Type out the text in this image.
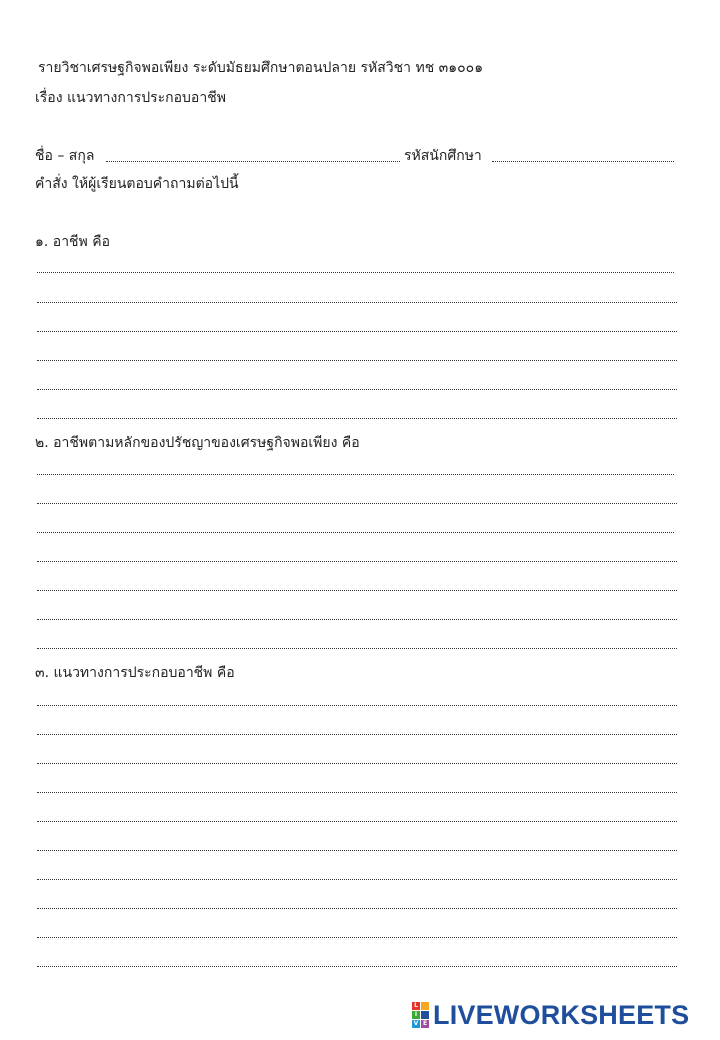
รายวิชาเศรษฐกิจพอเพียง ระดับมัธยมศึกษาตอนปลาย รหัสวิชา ทช ๓๑๐๐๑
เรื่อง แนวทางการประกอบอาชีพ
ชื่อ – สกุล	รหัสนักศึกษา
คำสั่ง ให้ผู้เรียนตอบคำถามต่อไปนี้
๑. อาชีพ คือ
๒. อาชีพตามหลักของปรัชญาของเศรษฐกิจพอเพียง คือ
๓. แนวทางการประกอบอาชีพ คือ
L
I
V E LIVEWORKSHEETS
